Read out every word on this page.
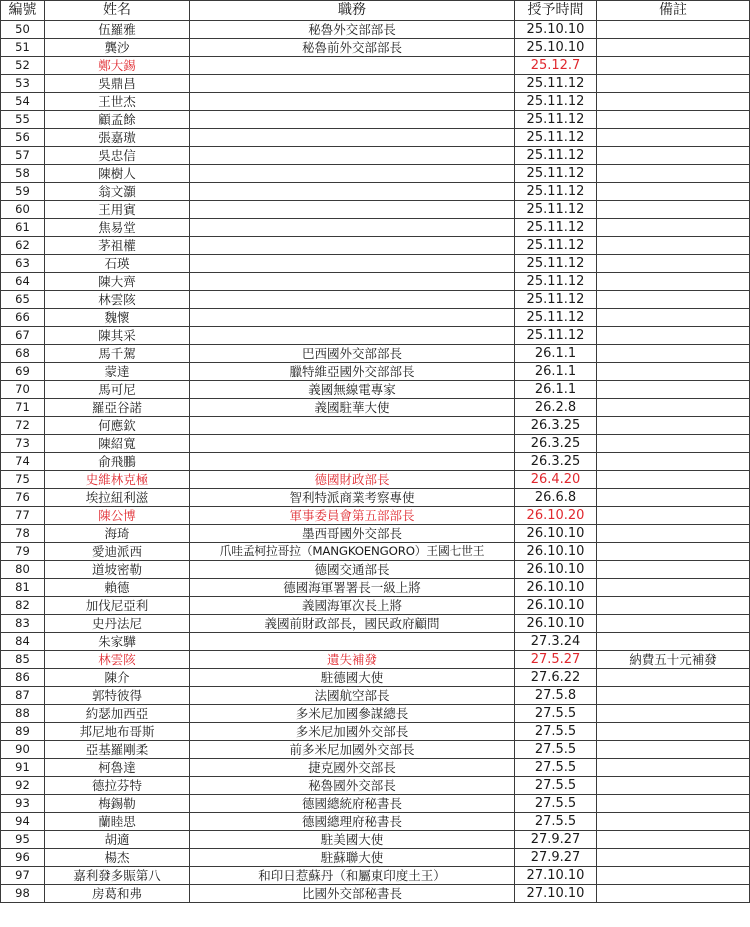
編號	姓名	職務	授予時間	備註
50	伍羅雅	秘魯外交部部長	25.10.10	
51	龔沙	秘魯前外交部部長	25.10.10	
52	鄭大錫		25.12.7	
53	吳鼎昌		25.11.12	
54	王世杰		25.11.12	
55	顧孟餘		25.11.12	
56	張嘉璈		25.11.12	
57	吳忠信		25.11.12	
58	陳樹人		25.11.12	
59	翁文灝		25.11.12	
60	王用賓		25.11.12	
61	焦易堂		25.11.12	
62	茅祖權		25.11.12	
63	石瑛		25.11.12	
64	陳大齊		25.11.12	
65	林雲陔		25.11.12	
66	魏懷		25.11.12	
67	陳其采		25.11.12	
68	馬千駕	巴西國外交部部長	26.1.1	
69	蒙達	臘特維亞國外交部部長	26.1.1	
70	馬可尼	義國無線電專家	26.1.1	
71	羅亞谷諾	義國駐華大使	26.2.8	
72	何應欽		26.3.25	
73	陳紹寬		26.3.25	
74	俞飛鵬		26.3.25	
75	史維林克極	德國財政部長	26.4.20	
76	埃拉紐利滋	智利特派商業考察專使	26.6.8	
77	陳公博	軍事委員會第五部部長	26.10.20	
78	海琦	墨西哥國外交部長	26.10.10	
79	愛迪派西	爪哇孟柯拉哥拉（MANGKOENGORO）王國七世王	26.10.10	
80	道坡密勒	德國交通部長	26.10.10	
81	賴德	德國海軍署署長一級上將	26.10.10	
82	加伐尼亞利	義國海軍次長上將	26.10.10	
83	史丹法尼	義國前財政部長，國民政府顧問	26.10.10	
84	朱家驊		27.3.24	
85	林雲陔	遺失補發	27.5.27	納費五十元補發
86	陳介	駐德國大使	27.6.22	
87	郭特彼得	法國航空部長	27.5.8	
88	約瑟加西亞	多米尼加國參謀總長	27.5.5	
89	邦尼地布哥斯	多米尼加國外交部長	27.5.5	
90	亞基羅剛柔	前多米尼加國外交部長	27.5.5	
91	柯魯達	捷克國外交部長	27.5.5	
92	德拉芬特	秘魯國外交部長	27.5.5	
93	梅錫勒	德國總統府秘書長	27.5.5	
94	蘭睦思	德國總理府秘書長	27.5.5	
95	胡適	駐美國大使	27.9.27	
96	楊杰	駐蘇聯大使	27.9.27	
97	嘉利發多賑第八	和印日惹蘇丹（和屬東印度土王）	27.10.10	
98	房葛和弗	比國外交部秘書長	27.10.10	
